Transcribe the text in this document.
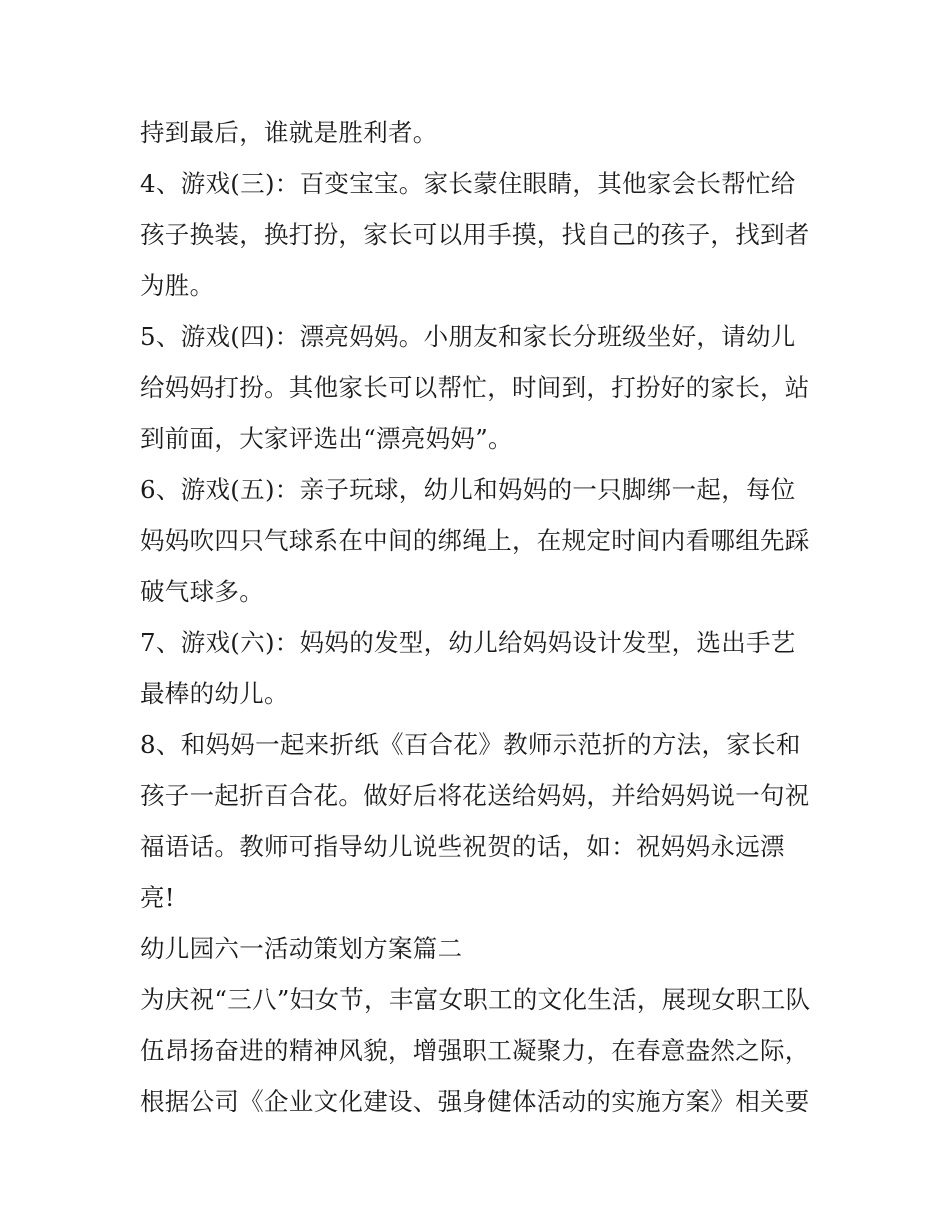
持到最后，谁就是胜利者。

4、游戏(三)：百变宝宝。家长蒙住眼睛，其他家会长帮忙给

孩子换装，换打扮，家长可以用手摸，找自己的孩子，找到者

为胜。

5、游戏(四)：漂亮妈妈。小朋友和家长分班级坐好，请幼儿

给妈妈打扮。其他家长可以帮忙，时间到，打扮好的家长，站

到前面，大家评选出“漂亮妈妈”。

6、游戏(五)：亲子玩球，幼儿和妈妈的一只脚绑一起，每位

妈妈吹四只气球系在中间的绑绳上，在规定时间内看哪组先踩

破气球多。

7、游戏(六)：妈妈的发型，幼儿给妈妈设计发型，选出手艺

最棒的幼儿。

8、和妈妈一起来折纸《百合花》教师示范折的方法，家长和

孩子一起折百合花。做好后将花送给妈妈，并给妈妈说一句祝

福语话。教师可指导幼儿说些祝贺的话，如：祝妈妈永远漂

亮!

幼儿园六一活动策划方案篇二

为庆祝“三八”妇女节，丰富女职工的文化生活，展现女职工队

伍昂扬奋进的精神风貌，增强职工凝聚力，在春意盎然之际，

根据公司《企业文化建设、强身健体活动的实施方案》相关要
